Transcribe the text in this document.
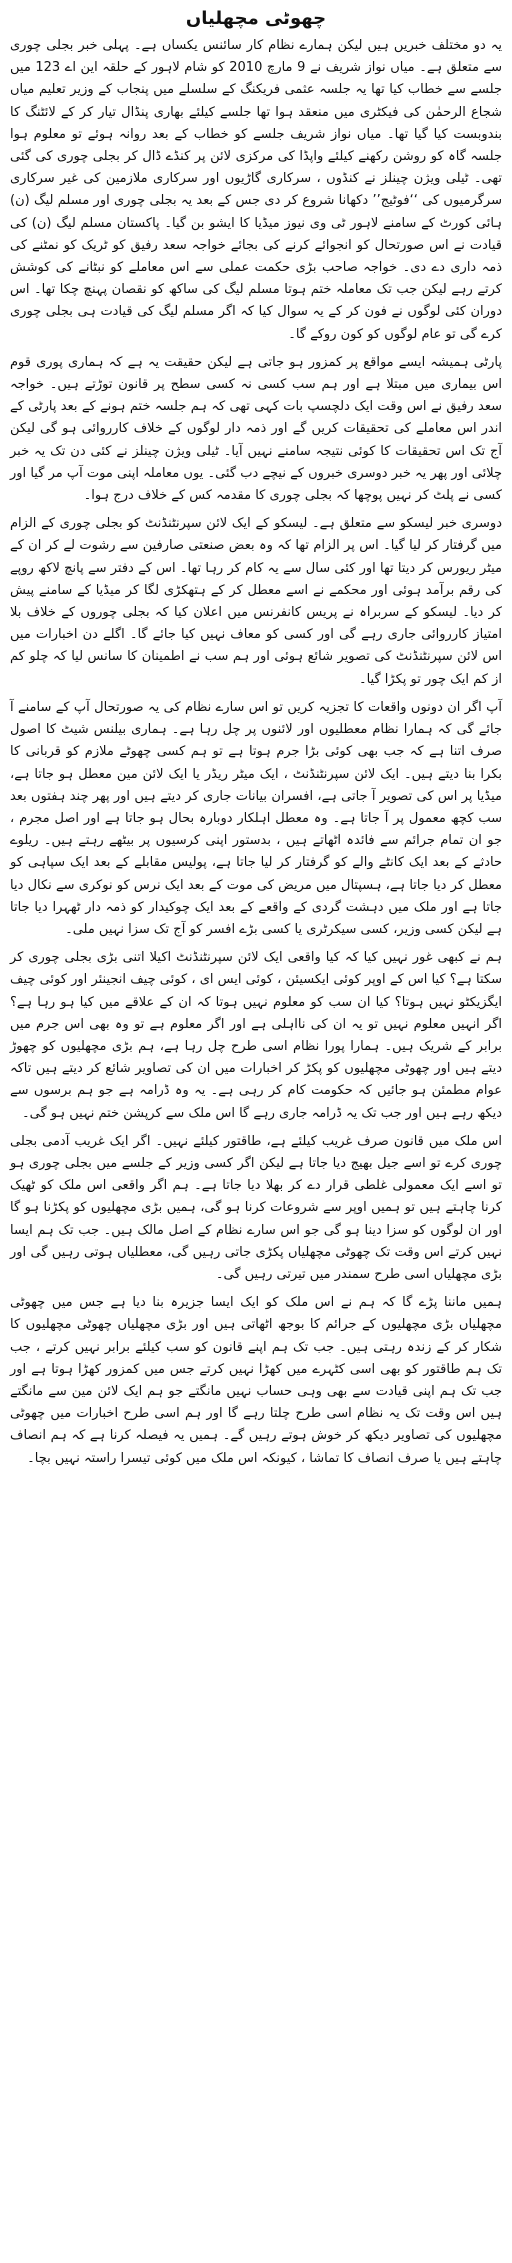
چھوٹی مچھلیاں

یہ دو مختلف خبریں ہیں لیکن ہمارے نظام کار سائنس یکساں ہے۔ پہلی خبر بجلی چوری سے متعلق ہے۔ میاں نواز شریف نے 9 مارچ 2010 کو شام لاہور کے حلقہ این اے 123 میں جلسے سے خطاب کیا تھا یہ جلسہ عثمی فریکنگ کے سلسلے میں پنجاب کے وزیر تعلیم میاں شجاع الرحمٰن کی فیکٹری میں منعقد ہوا تھا جلسے کیلئے بھاری پنڈال تیار کر کے لائٹنگ کا بندوبست کیا گیا تھا۔ میاں نواز شریف جلسے کو خطاب کے بعد روانہ ہوئے تو معلوم ہوا جلسہ گاہ کو روشن رکھنے کیلئے واپڈا کی مرکزی لائن پر کنڈے ڈال کر بجلی چوری کی گئی تھی۔ ٹیلی ویژن چینلز نے کنڈوں ، سرکاری گاڑیوں اور سرکاری ملازمین کی غیر سرکاری سرگرمیوں کی ‘‘فوٹیج’’ دکھانا شروع کر دی جس کے بعد یہ بجلی چوری اور مسلم لیگ (ن) ہائی کورٹ کے سامنے لاہور ٹی وی نیوز میڈیا کا ایشو بن گیا۔ پاکستان مسلم لیگ (ن) کی قیادت نے اس صورتحال کو انجوائے کرنے کی بجائے خواجہ سعد رفیق کو ٹریک کو نمٹنے کی ذمہ داری دے دی۔ خواجہ صاحب بڑی حکمت عملی سے اس معاملے کو نبٹانے کی کوشش کرتے رہے لیکن جب تک معاملہ ختم ہوتا مسلم لیگ کی ساکھ کو نقصان پہنچ چکا تھا۔ اس دوران کئی لوگوں نے فون کر کے یہ سوال کیا کہ اگر مسلم لیگ کی قیادت ہی بجلی چوری کرے گی تو عام لوگوں کو کون روکے گا۔

پارٹی ہمیشہ ایسے مواقع پر کمزور ہو جاتی ہے لیکن حقیقت یہ ہے کہ ہماری پوری قوم اس بیماری میں مبتلا ہے اور ہم سب کسی نہ کسی سطح پر قانون توڑتے ہیں۔ خواجہ سعد رفیق نے اس وقت ایک دلچسپ بات کہی تھی کہ ہم جلسہ ختم ہونے کے بعد پارٹی کے اندر اس معاملے کی تحقیقات کریں گے اور ذمہ دار لوگوں کے خلاف کارروائی ہو گی لیکن آج تک اس تحقیقات کا کوئی نتیجہ سامنے نہیں آیا۔ ٹیلی ویژن چینلز نے کئی دن تک یہ خبر چلائی اور پھر یہ خبر دوسری خبروں کے نیچے دب گئی۔ یوں معاملہ اپنی موت آپ مر گیا اور کسی نے پلٹ کر نہیں پوچھا کہ بجلی چوری کا مقدمہ کس کے خلاف درج ہوا۔

دوسری خبر لیسکو سے متعلق ہے۔ لیسکو کے ایک لائن سپرنٹنڈنٹ کو بجلی چوری کے الزام میں گرفتار کر لیا گیا۔ اس پر الزام تھا کہ وہ بعض صنعتی صارفین سے رشوت لے کر ان کے میٹر ریورس کر دیتا تھا اور کئی سال سے یہ کام کر رہا تھا۔ اس کے دفتر سے پانچ لاکھ روپے کی رقم برآمد ہوئی اور محکمے نے اسے معطل کر کے ہتھکڑی لگا کر میڈیا کے سامنے پیش کر دیا۔ لیسکو کے سربراہ نے پریس کانفرنس میں اعلان کیا کہ بجلی چوروں کے خلاف بلا امتیاز کارروائی جاری رہے گی اور کسی کو معاف نہیں کیا جائے گا۔ اگلے دن اخبارات میں اس لائن سپرنٹنڈنٹ کی تصویر شائع ہوئی اور ہم سب نے اطمینان کا سانس لیا کہ چلو کم از کم ایک چور تو پکڑا گیا۔

آپ اگر ان دونوں واقعات کا تجزیہ کریں تو اس سارے نظام کی یہ صورتحال آپ کے سامنے آ جائے گی کہ ہمارا نظام معطلیوں اور لائنوں پر چل رہا ہے۔ ہماری بیلنس شیٹ کا اصول صرف اتنا ہے کہ جب بھی کوئی بڑا جرم ہوتا ہے تو ہم کسی چھوٹے ملازم کو قربانی کا بکرا بنا دیتے ہیں۔ ایک لائن سپرنٹنڈنٹ ، ایک میٹر ریڈر یا ایک لائن مین معطل ہو جاتا ہے، میڈیا پر اس کی تصویر آ جاتی ہے، افسران بیانات جاری کر دیتے ہیں اور پھر چند ہفتوں بعد سب کچھ معمول پر آ جاتا ہے۔ وہ معطل اہلکار دوبارہ بحال ہو جاتا ہے اور اصل مجرم ، جو ان تمام جرائم سے فائدہ اٹھاتے ہیں ، بدستور اپنی کرسیوں پر بیٹھے رہتے ہیں۔ ریلوے حادثے کے بعد ایک کانٹے والے کو گرفتار کر لیا جاتا ہے، پولیس مقابلے کے بعد ایک سپاہی کو معطل کر دیا جاتا ہے، ہسپتال میں مریض کی موت کے بعد ایک نرس کو نوکری سے نکال دیا جاتا ہے اور ملک میں دہشت گردی کے واقعے کے بعد ایک چوکیدار کو ذمہ دار ٹھہرا دیا جاتا ہے لیکن کسی وزیر، کسی سیکرٹری یا کسی بڑے افسر کو آج تک سزا نہیں ملی۔

ہم نے کبھی غور نہیں کیا کہ کیا واقعی ایک لائن سپرنٹنڈنٹ اکیلا اتنی بڑی بجلی چوری کر سکتا ہے؟ کیا اس کے اوپر کوئی ایکسیئن ، کوئی ایس ای ، کوئی چیف انجینئر اور کوئی چیف ایگزیکٹو نہیں ہوتا؟ کیا ان سب کو معلوم نہیں ہوتا کہ ان کے علاقے میں کیا ہو رہا ہے؟ اگر انہیں معلوم نہیں تو یہ ان کی نااہلی ہے اور اگر معلوم ہے تو وہ بھی اس جرم میں برابر کے شریک ہیں۔ ہمارا پورا نظام اسی طرح چل رہا ہے، ہم بڑی مچھلیوں کو چھوڑ دیتے ہیں اور چھوٹی مچھلیوں کو پکڑ کر اخبارات میں ان کی تصاویر شائع کر دیتے ہیں تاکہ عوام مطمئن ہو جائیں کہ حکومت کام کر رہی ہے۔ یہ وہ ڈرامہ ہے جو ہم برسوں سے دیکھ رہے ہیں اور جب تک یہ ڈرامہ جاری رہے گا اس ملک سے کرپشن ختم نہیں ہو گی۔

اس ملک میں قانون صرف غریب کیلئے ہے، طاقتور کیلئے نہیں۔ اگر ایک غریب آدمی بجلی چوری کرے تو اسے جیل بھیج دیا جاتا ہے لیکن اگر کسی وزیر کے جلسے میں بجلی چوری ہو تو اسے ایک معمولی غلطی قرار دے کر بھلا دیا جاتا ہے۔ ہم اگر واقعی اس ملک کو ٹھیک کرنا چاہتے ہیں تو ہمیں اوپر سے شروعات کرنا ہو گی، ہمیں بڑی مچھلیوں کو پکڑنا ہو گا اور ان لوگوں کو سزا دینا ہو گی جو اس سارے نظام کے اصل مالک ہیں۔ جب تک ہم ایسا نہیں کرتے اس وقت تک چھوٹی مچھلیاں پکڑی جاتی رہیں گی، معطلیاں ہوتی رہیں گی اور بڑی مچھلیاں اسی طرح سمندر میں تیرتی رہیں گی۔

ہمیں ماننا پڑے گا کہ ہم نے اس ملک کو ایک ایسا جزیرہ بنا دیا ہے جس میں چھوٹی مچھلیاں بڑی مچھلیوں کے جرائم کا بوجھ اٹھاتی ہیں اور بڑی مچھلیاں چھوٹی مچھلیوں کا شکار کر کے زندہ رہتی ہیں۔ جب تک ہم اپنے قانون کو سب کیلئے برابر نہیں کرتے ، جب تک ہم طاقتور کو بھی اسی کٹہرے میں کھڑا نہیں کرتے جس میں کمزور کھڑا ہوتا ہے اور جب تک ہم اپنی قیادت سے بھی وہی حساب نہیں مانگتے جو ہم ایک لائن مین سے مانگتے ہیں اس وقت تک یہ نظام اسی طرح چلتا رہے گا اور ہم اسی طرح اخبارات میں چھوٹی مچھلیوں کی تصاویر دیکھ کر خوش ہوتے رہیں گے۔ ہمیں یہ فیصلہ کرنا ہے کہ ہم انصاف چاہتے ہیں یا صرف انصاف کا تماشا ، کیونکہ اس ملک میں کوئی تیسرا راستہ نہیں بچا۔
